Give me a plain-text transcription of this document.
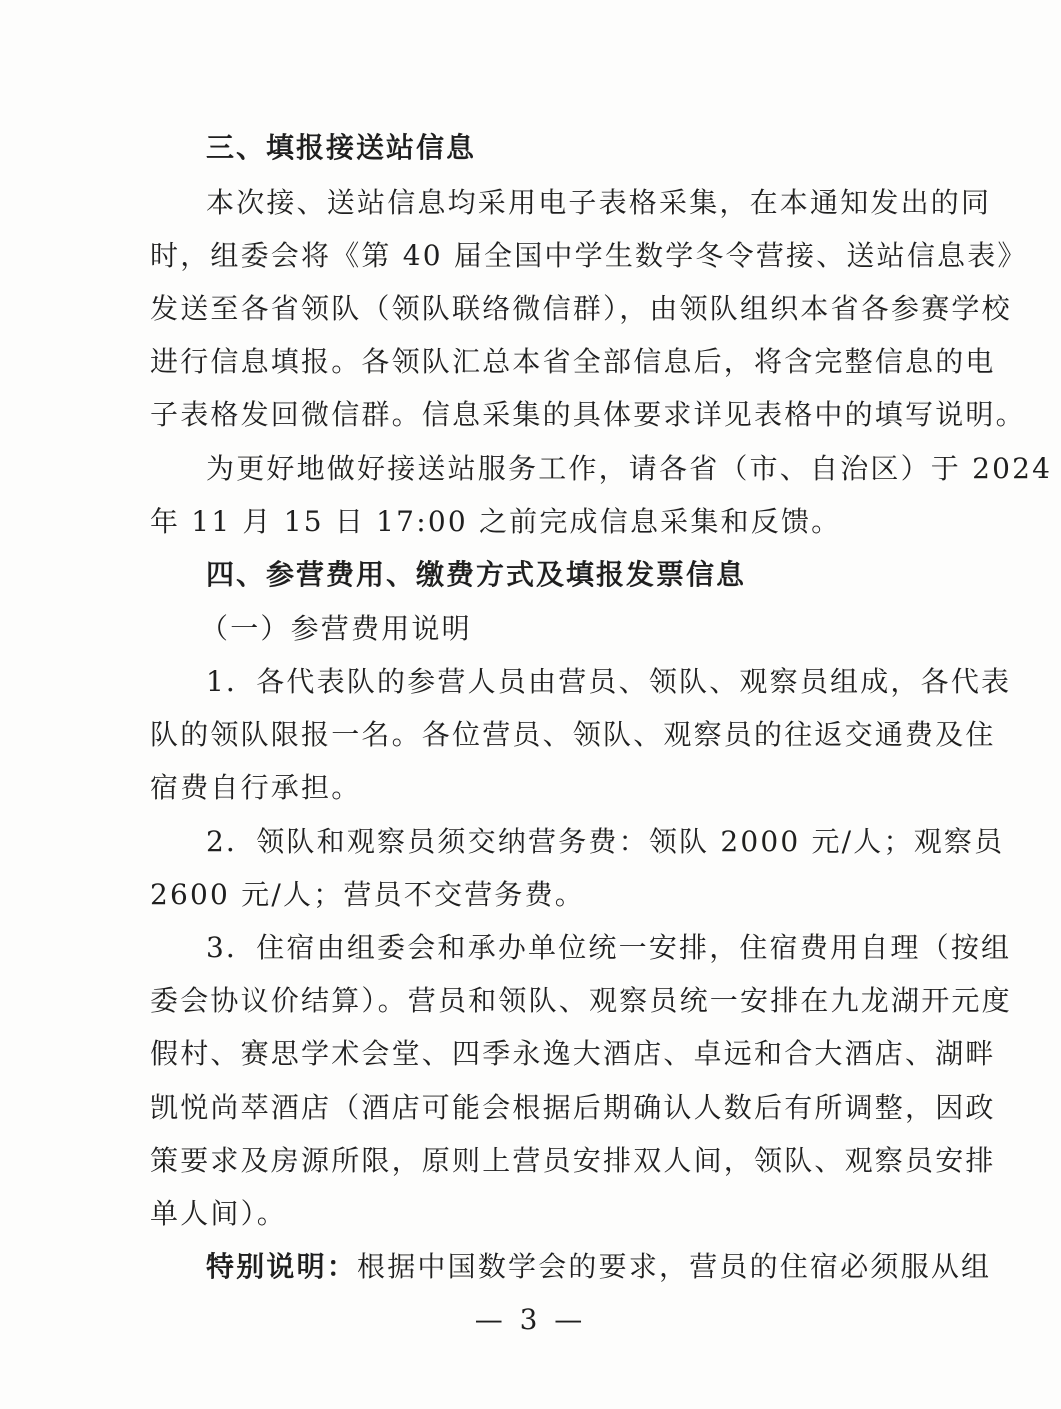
三、填报接送站信息
本次接、送站信息均采用电子表格采集，在本通知发出的同
时，组委会将《第 40 届全国中学生数学冬令营接、送站信息表》
发送至各省领队（领队联络微信群），由领队组织本省各参赛学校
进行信息填报。各领队汇总本省全部信息后，将含完整信息的电
子表格发回微信群。信息采集的具体要求详见表格中的填写说明。
为更好地做好接送站服务工作，请各省（市、自治区）于 2024
年 11 月 15 日 17:00 之前完成信息采集和反馈。
四、参营费用、缴费方式及填报发票信息
（一）参营费用说明
1．各代表队的参营人员由营员、领队、观察员组成，各代表
队的领队限报一名。各位营员、领队、观察员的往返交通费及住
宿费自行承担。
2．领队和观察员须交纳营务费：领队 2000 元/人；观察员
2600 元/人；营员不交营务费。
3．住宿由组委会和承办单位统一安排，住宿费用自理（按组
委会协议价结算）。营员和领队、观察员统一安排在九龙湖开元度
假村、赛思学术会堂、四季永逸大酒店、卓远和合大酒店、湖畔
凯悦尚萃酒店（酒店可能会根据后期确认人数后有所调整，因政
策要求及房源所限，原则上营员安排双人间，领队、观察员安排
单人间）。
特别说明：根据中国数学会的要求，营员的住宿必须服从组
— 3 —
